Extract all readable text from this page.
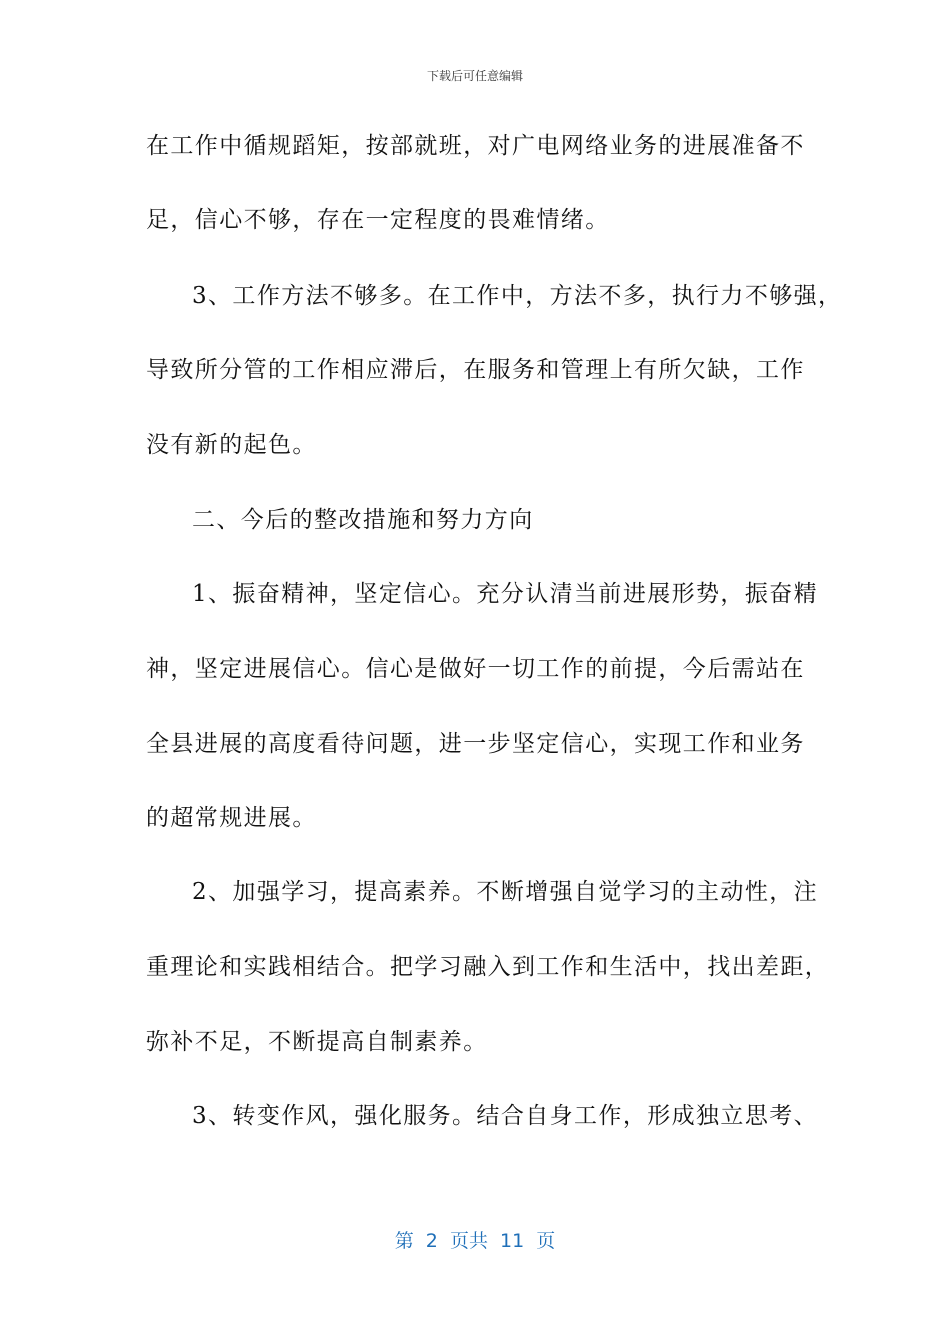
下载后可任意编辑
在工作中循规蹈矩，按部就班，对广电网络业务的进展准备不
足，信心不够，存在一定程度的畏难情绪。
3、工作方法不够多。在工作中，方法不多，执行力不够强，
导致所分管的工作相应滞后，在服务和管理上有所欠缺，工作
没有新的起色。
二、今后的整改措施和努力方向
1、振奋精神，坚定信心。充分认清当前进展形势，振奋精
神，坚定进展信心。信心是做好一切工作的前提，今后需站在
全县进展的高度看待问题，进一步坚定信心，实现工作和业务
的超常规进展。
2、加强学习，提高素养。不断增强自觉学习的主动性，注
重理论和实践相结合。把学习融入到工作和生活中，找出差距，
弥补不足，不断提高自制素养。
3、转变作风，强化服务。结合自身工作，形成独立思考、
第  2  页共  11  页
